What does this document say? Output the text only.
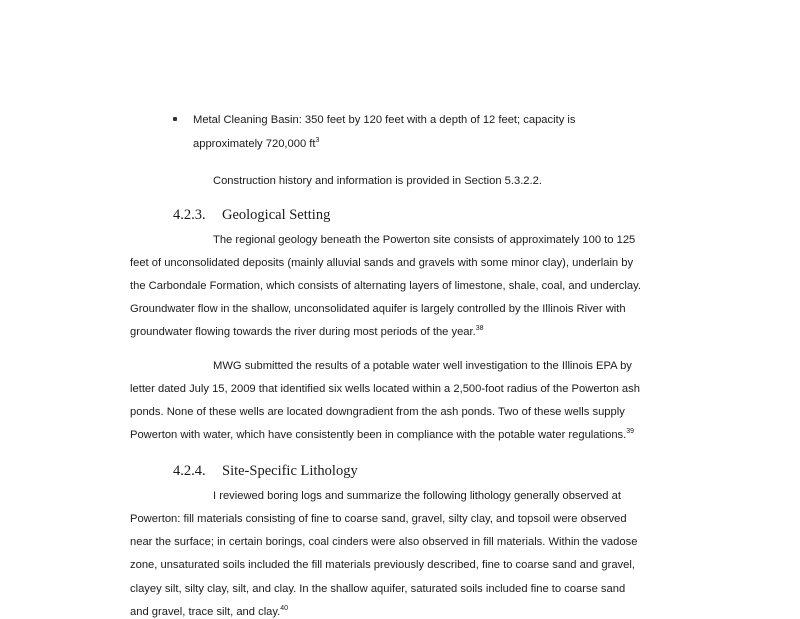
Metal Cleaning Basin: 350 feet by 120 feet with a depth of 12 feet; capacity is
approximately 720,000 ft$^3$
Construction history and information is provided in Section 5.3.2.2.
4.2.3. Geological Setting
The regional geology beneath the Powerton site consists of approximately 100 to 125
feet of unconsolidated deposits (mainly alluvial sands and gravels with some minor clay), underlain by
the Carbondale Formation, which consists of alternating layers of limestone, shale, coal, and underclay.
Groundwater flow in the shallow, unconsolidated aquifer is largely controlled by the Illinois River with
groundwater flowing towards the river during most periods of the year.$^{38}$
MWG submitted the results of a potable water well investigation to the Illinois EPA by
letter dated July 15, 2009 that identified six wells located within a 2,500-foot radius of the Powerton ash
ponds. None of these wells are located downgradient from the ash ponds. Two of these wells supply
Powerton with water, which have consistently been in compliance with the potable water regulations.$^{39}$
4.2.4. Site-Specific Lithology
I reviewed boring logs and summarize the following lithology generally observed at
Powerton: fill materials consisting of fine to coarse sand, gravel, silty clay, and topsoil were observed
near the surface; in certain borings, coal cinders were also observed in fill materials. Within the vadose
zone, unsaturated soils included the fill materials previously described, fine to coarse sand and gravel,
clayey silt, silty clay, silt, and clay. In the shallow aquifer, saturated soils included fine to coarse sand
and gravel, trace silt, and clay.$^{40}$
